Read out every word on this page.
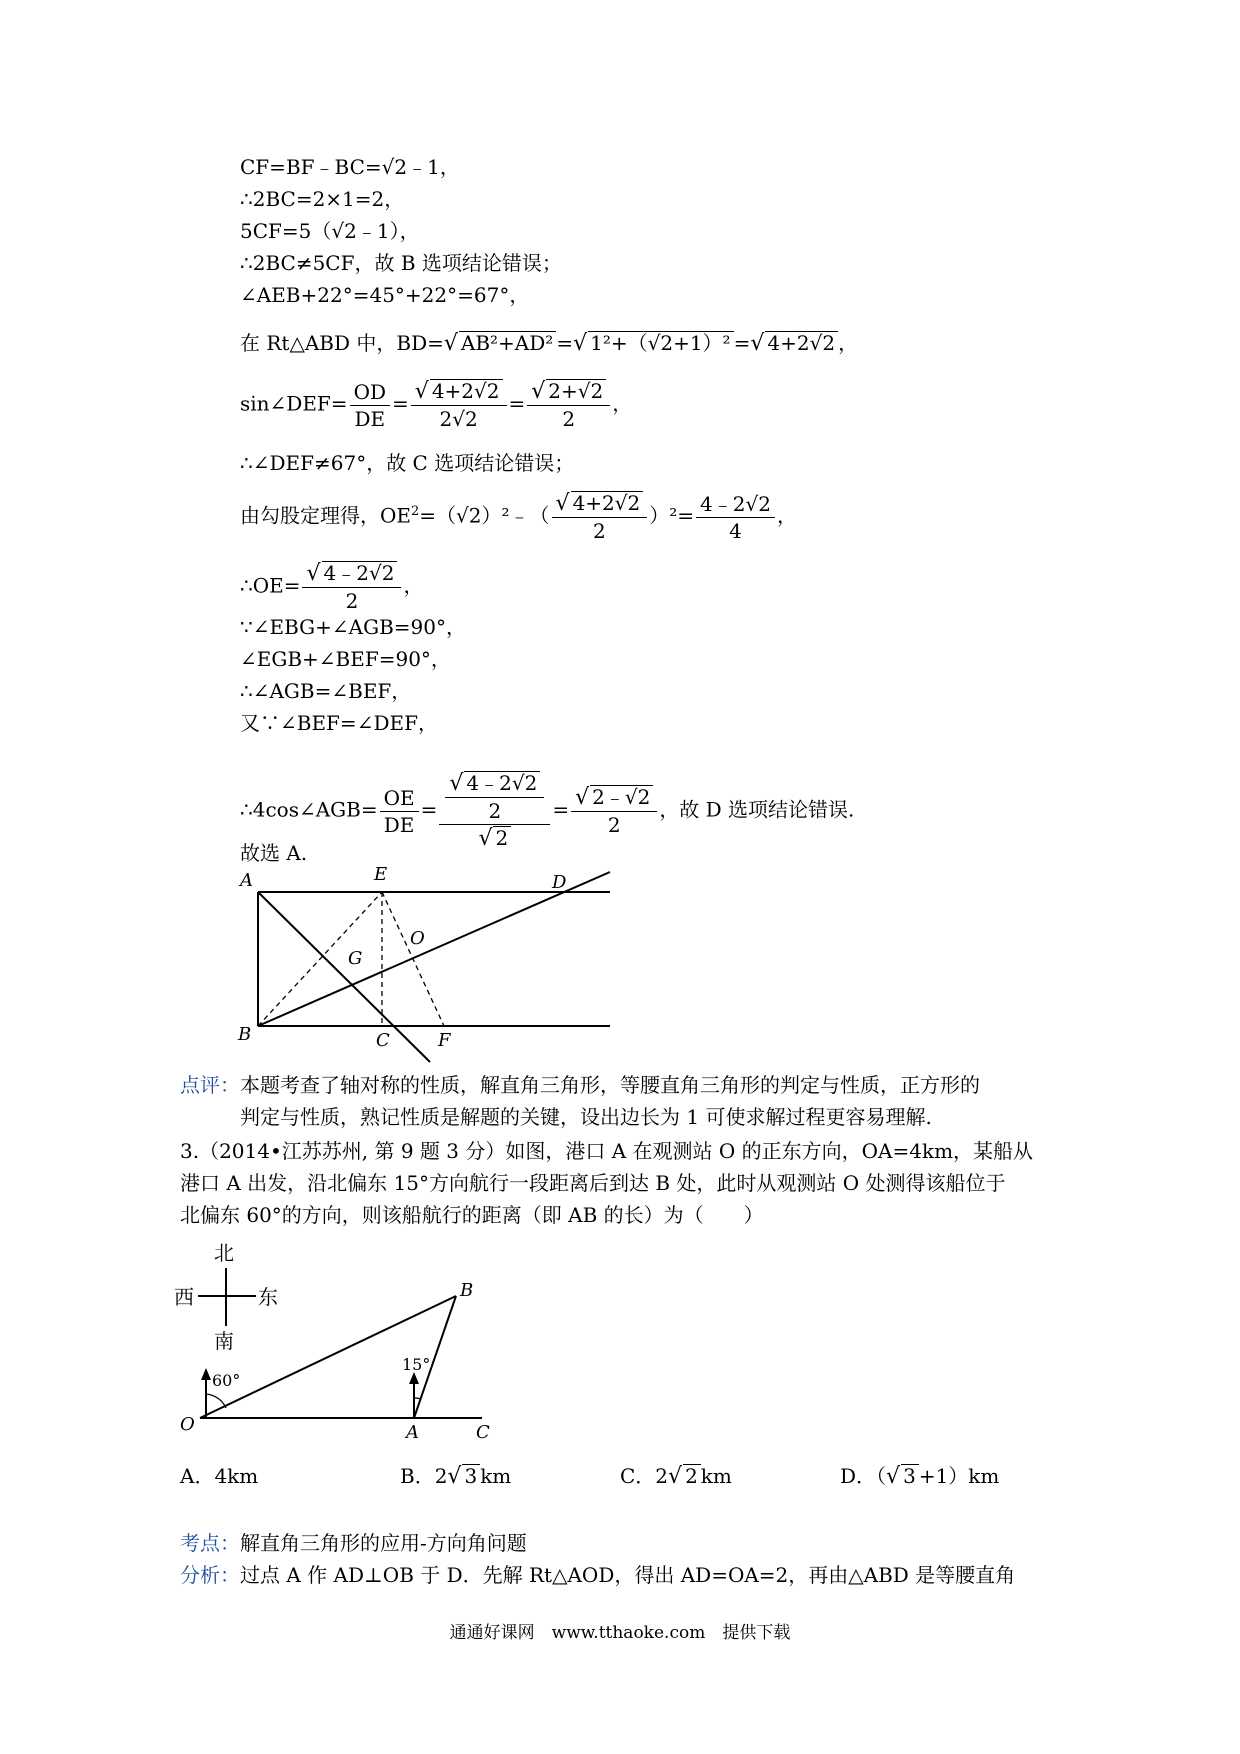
CF=BF﹣BC=√2﹣1，
∴2BC=2×1=2，
5CF=5（√2﹣1），
∴2BC≠5CF，故 B 选项结论错误；
∠AEB+22°=45°+22°=67°，
在 Rt△ABD 中，BD=√ AB²+AD² =√ 1²+（√2+1）² =√ 4+2√2 ，
sin∠DEF= $\frac{OD}{DE} = \frac{√ 4+2√2}{2√2} = \frac{√ 2+√2}{2}$ ，
∴∠DEF≠67°，故 C 选项结论错误；
由勾股定理得，$OE^2=(√2)^2﹣( \frac{√ 4+2√2}{2} )^2= \frac{4﹣2√2}{4}$ ，
∴OE= $\frac{√ 4﹣2√2}{2}$ ，
∵∠EBG+∠AGB=90°，
∠EGB+∠BEF=90°，
∴∠AGB=∠BEF，
又∵∠BEF=∠DEF，
∴4cos∠AGB= $\frac{OE}{DE} = \frac{\frac{√ 4﹣2√2}{2}}{√ 2} = \frac{√ 2﹣√2}{2}$ ，故 D 选项结论错误.
故选 A.
A	E	D
O
G
B	C	F
点评：本题考查了轴对称的性质，解直角三角形，等腰直角三角形的判定与性质，正方形的
判定与性质，熟记性质是解题的关键，设出边长为 1 可使求解过程更容易理解.
3.（2014•江苏苏州, 第 9 题 3 分）如图，港口 A 在观测站 O 的正东方向，OA=4km，某船从
港口 A 出发，沿北偏东 15°方向航行一段距离后到达 B 处，此时从观测站 O 处测得该船位于
北偏东 60°的方向，则该船航行的距离（即 AB 的长）为（　　）
北
西	东
南
60°
15°
B
O	A	C
A．4km	B．2√ 3 km	C．2√ 2 km	D．（√ 3 +1）km
考点：解直角三角形的应用-方向角问题
分析：过点 A 作 AD⊥OB 于 D．先解 Rt△AOD，得出 AD=OA=2，再由△ABD 是等腰直角
通通好课网　www.tthaoke.com　提供下载
